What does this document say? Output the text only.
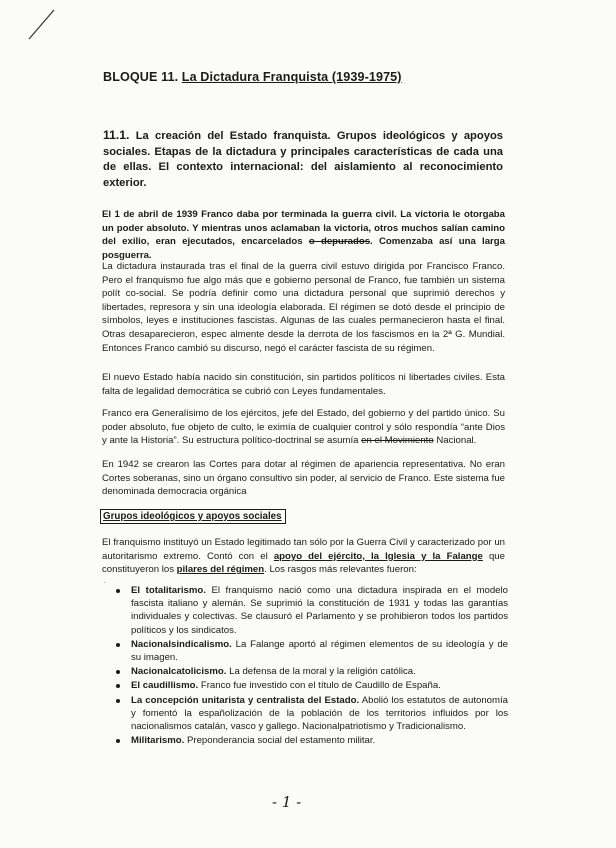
BLOQUE 11. La Dictadura Franquista (1939-1975)
11.1. La creación del Estado franquista. Grupos ideológicos y apoyos sociales. Etapas de la dictadura y principales características de cada una de ellas. El contexto internacional: del aislamiento al reconocimiento exterior.

El 1 de abril de 1939 Franco daba por terminada la guerra civil. La victoria le otorgaba un poder absoluto. Y mientras unos aclamaban la victoria, otros muchos salían camino del exilio, eran ejecutados, encarcelados o depurados. Comenzaba así una larga posguerra.

La dictadura instaurada tras el final de la guerra civil estuvo dirigida por Francisco Franco. Pero el franquismo fue algo más que e gobierno personal de Franco, fue también un sistema polít co-social. Se podría definir como una dictadura personal que suprimió derechos y libertades, represora y sin una ideología elaborada. El régimen se dotó desde el principio de símbolos, leyes e instituciones fascistas. Algunas de las cuales permanecieron hasta el final. Otras desaparecieron, espec almente desde la derrota de los fascismos en la 2ª G. Mundial. Entonces Franco cambió su discurso, negó el carácter fascista de su régimen.

El nuevo Estado había nacido sin constitución, sin partidos políticos ni libertades civiles. Esta falta de legalidad democrática se cubrió con Leyes fundamentales.

Franco era Generalísimo de los ejércitos, jefe del Estado, del gobierno y del partido único. Su poder absoluto, fue objeto de culto, le eximía de cualquier control y sólo respondía “ante Dios y ante la Historia”. Su estructura político-doctrinal se asumía en el Movimiento Nacional.

En 1942 se crearon las Cortes para dotar al régimen de apariencia representativa. No eran Cortes soberanas, sino un órgano consultivo sin poder, al servicio de Franco. Este sistema fue denominada democracia orgánica

Grupos ideológicos y apoyos sociales

El franquismo instituyó un Estado legitimado tan sólo por la Guerra Civil y caracterizado por un autoritarismo extremo. Contó con el apoyo del ejército, la Iglesia y la Falange que constituyeron los pilares del régimen. Los rasgos más relevantes fueron:

˙	El totalitarismo. El franquismo nació como una dictadura inspirada en el modelo fascista italiano y alemán. Se suprimió la constitución de 1931 y todas las garantías individuales y colectivas. Se clausuró el Parlamento y se prohibieron todos los partidos políticos y los sindicatos.
Nacionalsindicalismo. La Falange aportó al régimen elementos de su ideología y de su imagen.
Nacionalcatolicismo. La defensa de la moral y la religión católica.
El caudillismo. Franco fue investido con el título de Caudillo de España.
La concepción unitarista y centralista del Estado. Abolió los estatutos de autonomía y fomentó la españolización de la población de los territorios influidos por los nacionalismos catalán, vasco y gallego. Nacionalpatriotismo y Tradicionalismo.
Militarismo. Preponderancia social del estamento militar.
- 1 -
